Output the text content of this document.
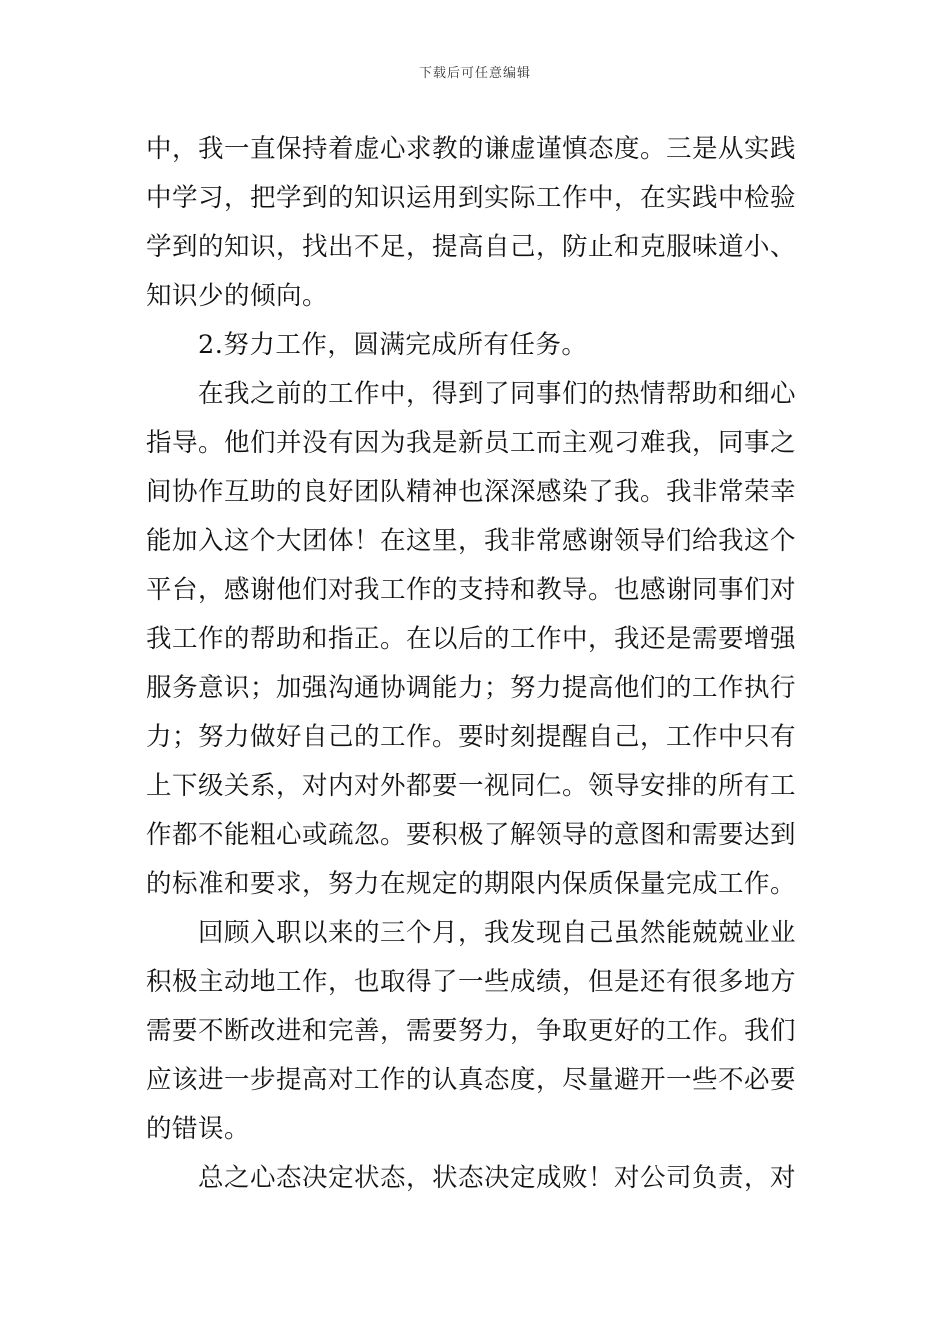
下载后可任意编辑
中，我一直保持着虚心求教的谦虚谨慎态度。三是从实践
中学习，把学到的知识运用到实际工作中，在实践中检验
学到的知识，找出不足，提高自己，防止和克服味道小、
知识少的倾向。
2.努力工作，圆满完成所有任务。
在我之前的工作中，得到了同事们的热情帮助和细心
指导。他们并没有因为我是新员工而主观刁难我，同事之
间协作互助的良好团队精神也深深感染了我。我非常荣幸
能加入这个大团体！在这里，我非常感谢领导们给我这个
平台，感谢他们对我工作的支持和教导。也感谢同事们对
我工作的帮助和指正。在以后的工作中，我还是需要增强
服务意识；加强沟通协调能力；努力提高他们的工作执行
力；努力做好自己的工作。要时刻提醒自己，工作中只有
上下级关系，对内对外都要一视同仁。领导安排的所有工
作都不能粗心或疏忽。要积极了解领导的意图和需要达到
的标准和要求，努力在规定的期限内保质保量完成工作。
回顾入职以来的三个月，我发现自己虽然能兢兢业业
积极主动地工作，也取得了一些成绩，但是还有很多地方
需要不断改进和完善，需要努力，争取更好的工作。我们
应该进一步提高对工作的认真态度，尽量避开一些不必要
的错误。
总之心态决定状态，状态决定成败！对公司负责，对
